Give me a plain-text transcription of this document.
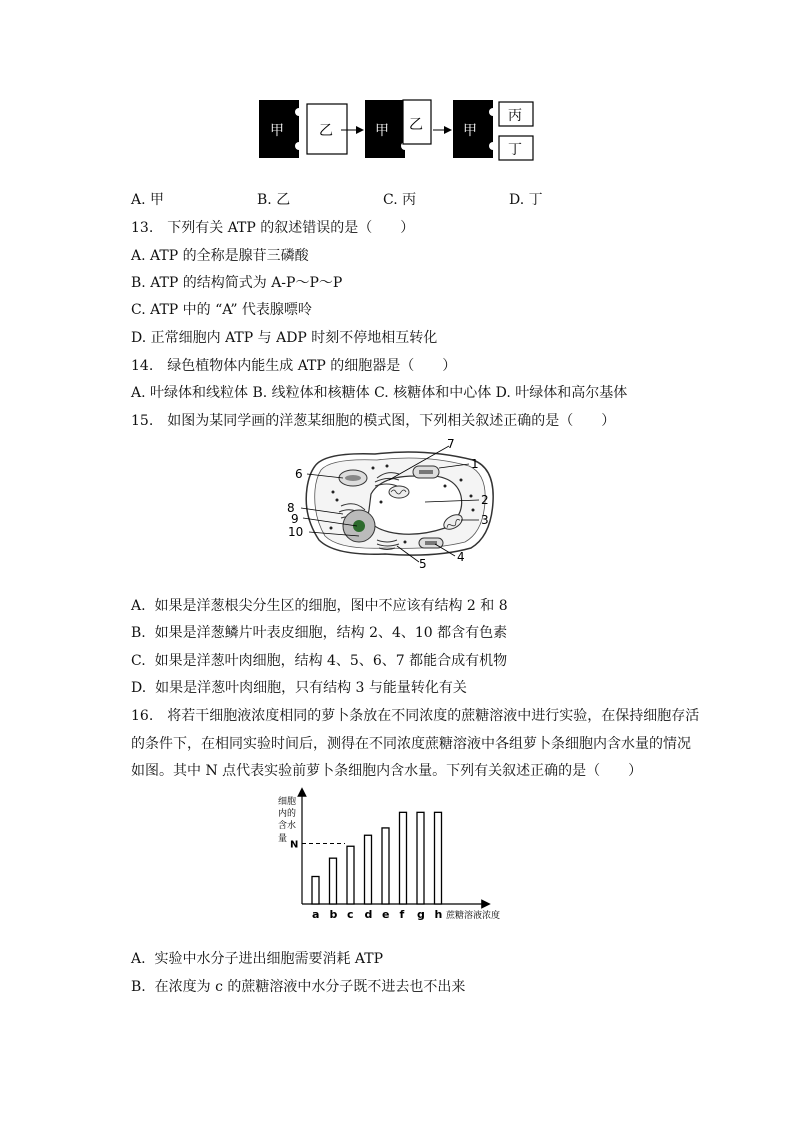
甲	乙	甲 乙	甲
丙
丁
A. 甲	B. 乙	C. 丙	D. 丁
13.　下列有关 ATP 的叙述错误的是（　　）
A. ATP 的全称是腺苷三磷酸
B. ATP 的结构简式为 A-P～P～P
C. ATP 中的 “A” 代表腺嘌呤
D. 正常细胞内 ATP 与 ADP 时刻不停地相互转化
14.　绿色植物体内能生成 ATP 的细胞器是（　　）
A. 叶绿体和线粒体 B. 线粒体和核糖体 C. 核糖体和中心体 D. 叶绿体和高尔基体
15.　如图为某同学画的洋葱某细胞的模式图，下列相关叙述正确的是（　　）
1
2
3
4
5
6
7
8
9
10
A.  如果是洋葱根尖分生区的细胞，图中不应该有结构 2 和 8
B.  如果是洋葱鳞片叶表皮细胞，结构 2、4、10 都含有色素
C.  如果是洋葱叶肉细胞，结构 4、5、6、7 都能合成有机物
D.  如果是洋葱叶肉细胞，只有结构 3 与能量转化有关
16.　将若干细胞液浓度相同的萝卜条放在不同浓度的蔗糖溶液中进行实验，在保持细胞存活
的条件下，在相同实验时间后，测得在不同浓度蔗糖溶液中各组萝卜条细胞内含水量的情况
如图。其中 N 点代表实验前萝卜条细胞内含水量。下列有关叙述正确的是（　　）
细胞
内的
含水
量
N
蔗糖溶液浓度
a b c d e f g h
A.  实验中水分子进出细胞需要消耗 ATP
B.  在浓度为 c 的蔗糖溶液中水分子既不进去也不出来
